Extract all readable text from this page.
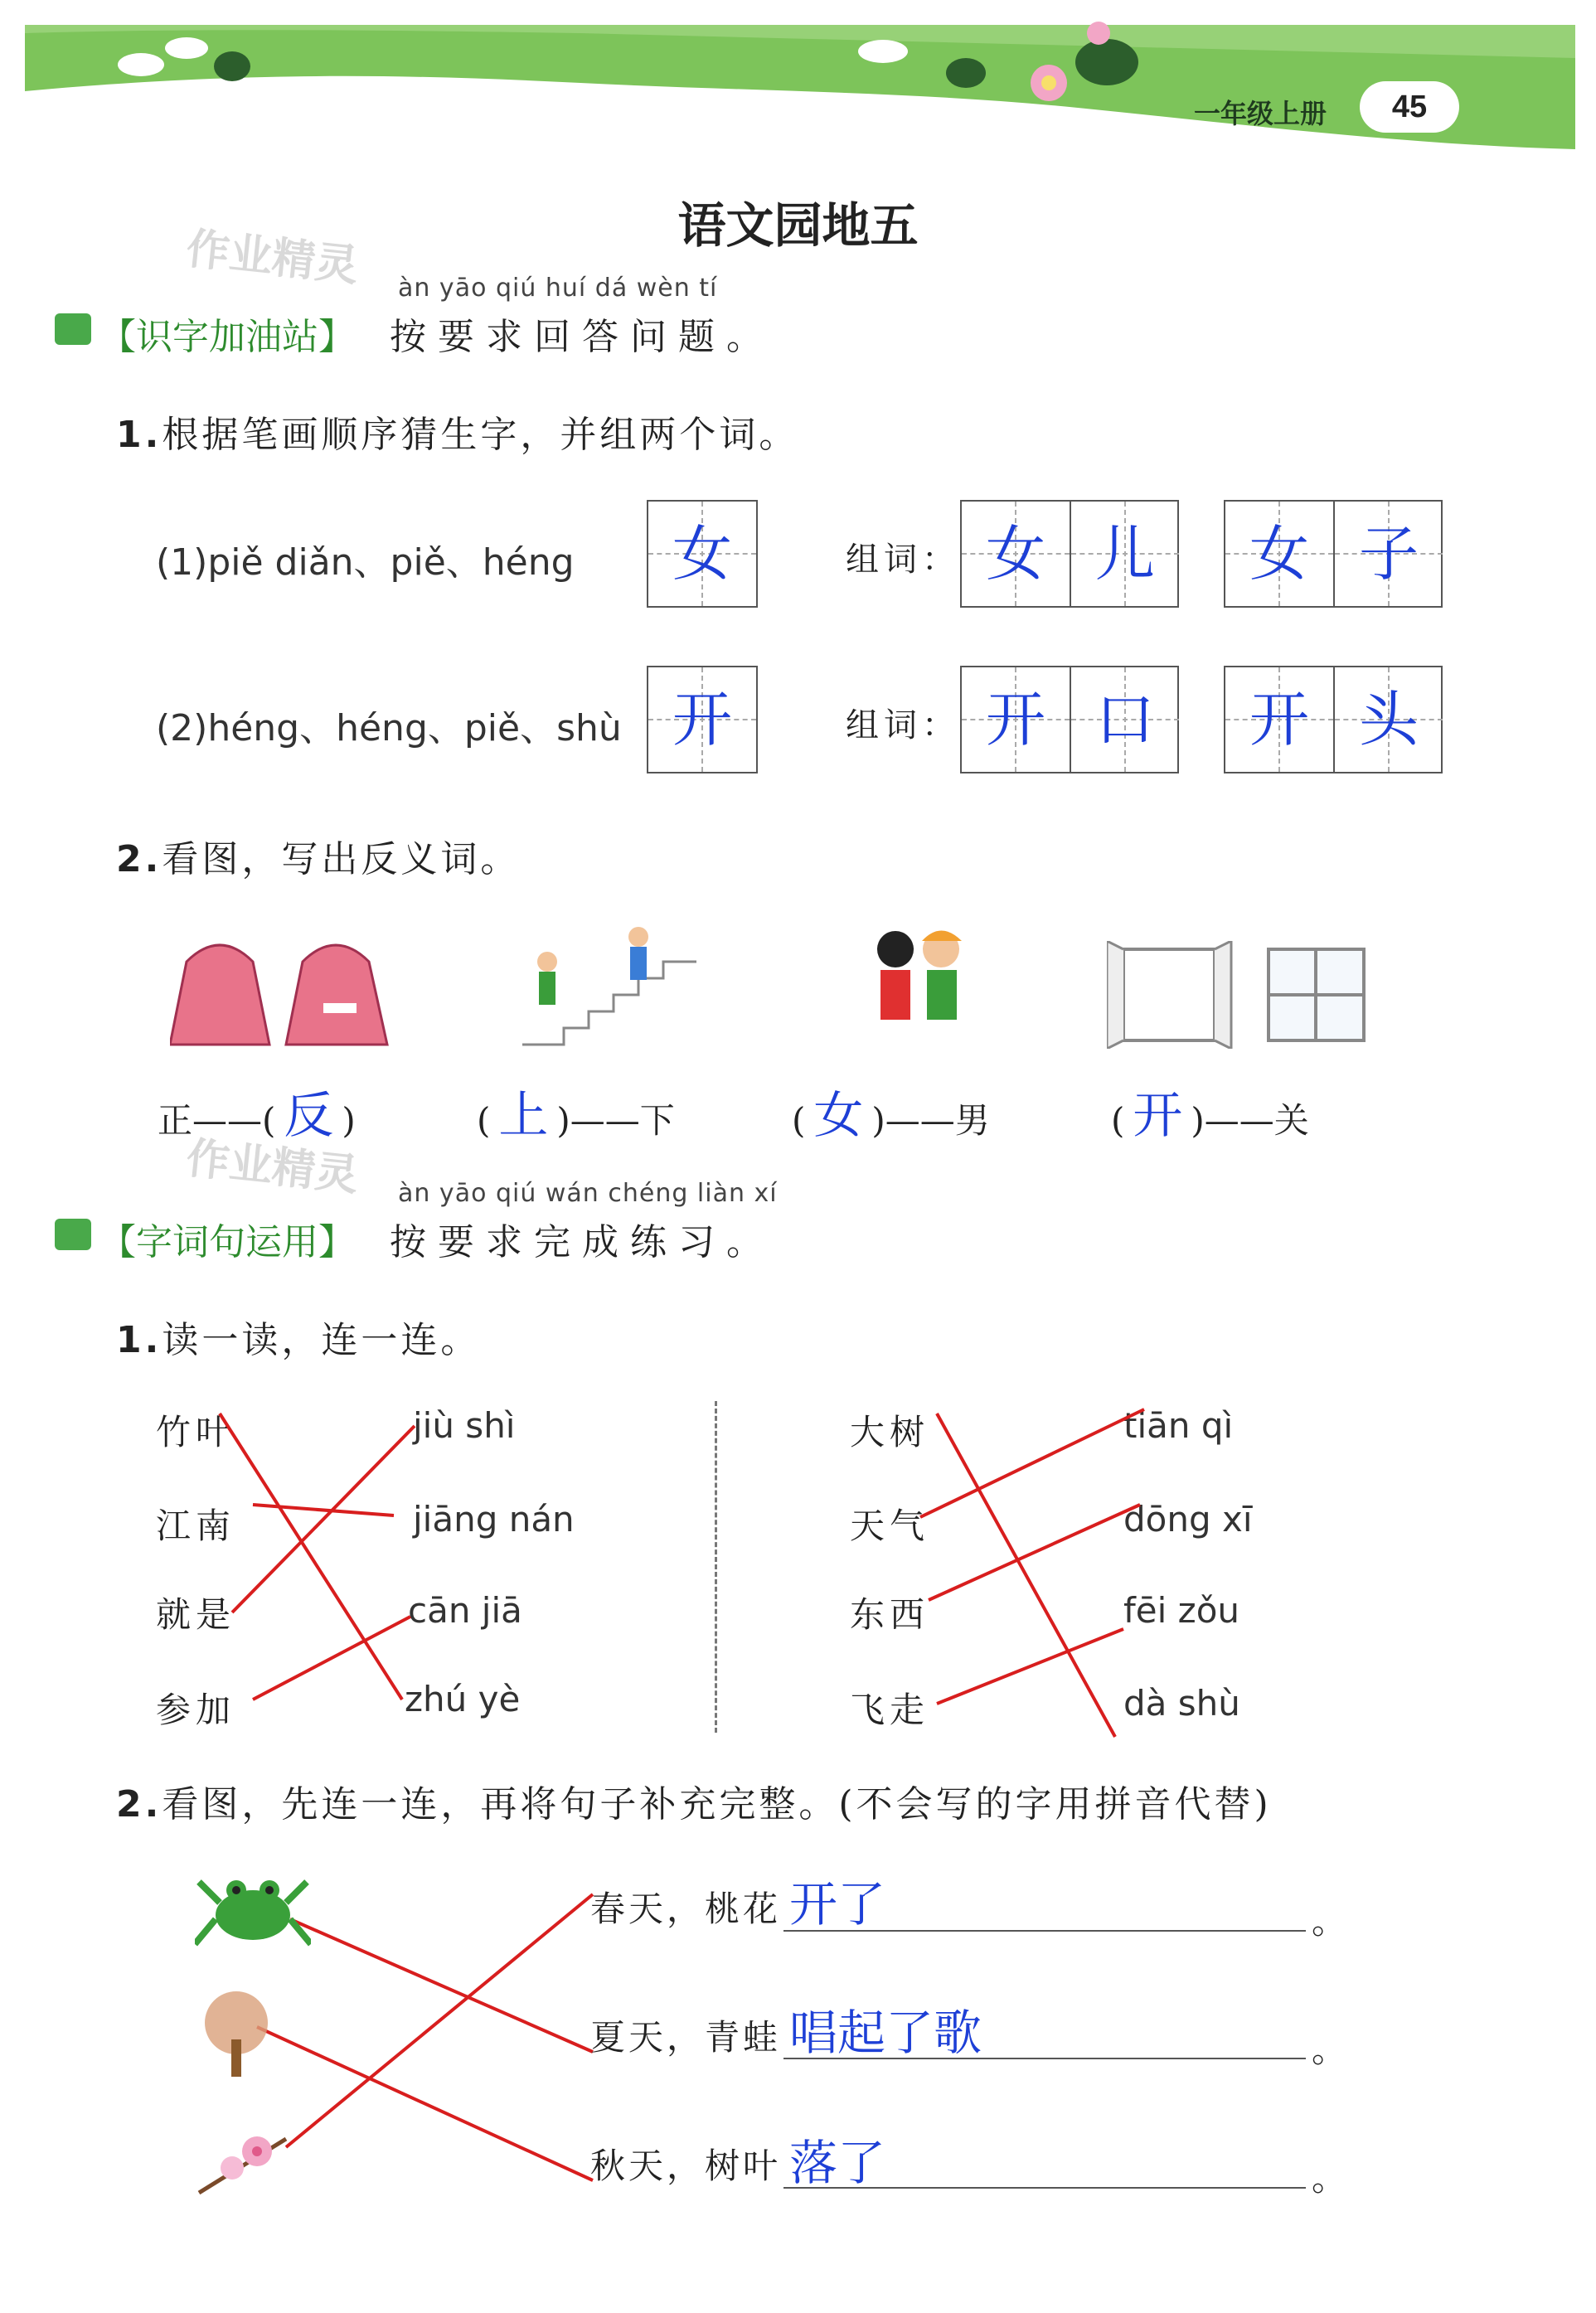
一年级上册	45
语文园地五
作业精灵 àn yāo qiú huí dá wèn tí
【识字加油站】 按要求回答问题。
1.根据笔画顺序猜生字，并组两个词。
(1)piě diǎn、piě、héng	女	组词： 女 儿	女 子
(2)héng、héng、piě、shù 开	组词： 开 口	开 头
2.看图，写出反义词。
正——( 反 )	( 上 )——下	( 女 )——男	( 开 )——关
作业精灵 àn yāo qiú wán chéng liàn xí
【字词句运用】 按要求完成练习。
1.读一读，连一连。
竹叶
江南
就是
参加
jiù shì
jiāng nán
cān jiā
zhú yè
大树
天气
东西
飞走
tiān qì
dōng xī
fēi zǒu
dà shù
2.看图，先连一连，再将句子补充完整。(不会写的字用拼音代替)
春天，桃花 开了	。
夏天，青蛙 唱起了歌	。
秋天，树叶 落了	。
